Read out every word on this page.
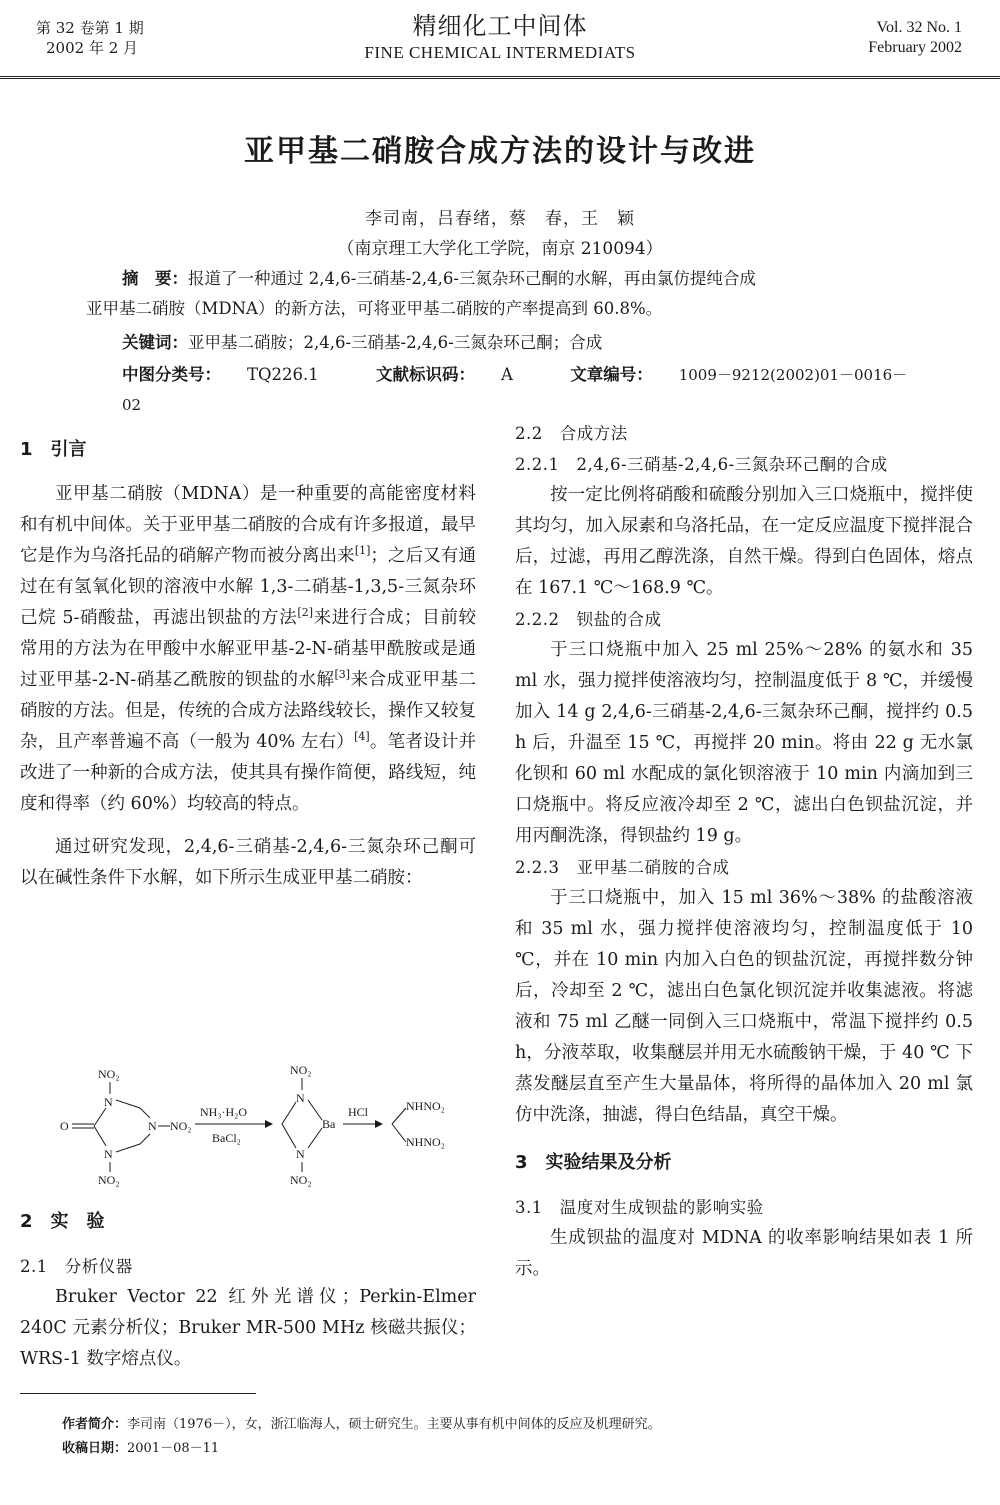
第 32 卷第 1 期
2002 年 2 月
精细化工中间体
FINE CHEMICAL INTERMEDIATS
Vol. 32 No. 1
February 2002
亚甲基二硝胺合成方法的设计与改进
李司南，吕春绪，蔡　春，王　颖
（南京理工大学化工学院，南京 210094）
摘　要：报道了一种通过 2,4,6-三硝基-2,4,6-三氮杂环己酮的水解，再由氯仿提纯合成
亚甲基二硝胺（MDNA）的新方法，可将亚甲基二硝胺的产率提高到 60.8%。
关键词：亚甲基二硝胺；2,4,6-三硝基-2,4,6-三氮杂环己酮；合成
中图分类号： TQ226.1	文献标识码： A	文章编号： 1009－9212(2002)01－0016－02
1　引言

亚甲基二硝胺（MDNA）是一种重要的高能密度材料和有机中间体。关于亚甲基二硝胺的合成有许多报道，最早它是作为乌洛托品的硝解产物而被分离出来[1]；之后又有通过在有氢氧化钡的溶液中水解 1,3-二硝基-1,3,5-三氮杂环己烷 5-硝酸盐，再滤出钡盐的方法[2]来进行合成；目前较常用的方法为在甲酸中水解亚甲基-2-N-硝基甲酰胺或是通过亚甲基-2-N-硝基乙酰胺的钡盐的水解[3]来合成亚甲基二硝胺的方法。但是，传统的合成方法路线较长，操作又较复杂，且产率普遍不高（一般为 40% 左右）[4]。笔者设计并改进了一种新的合成方法，使其具有操作简便，路线短，纯度和得率（约 60%）均较高的特点。

通过研究发现，2,4,6-三硝基-2,4,6-三氮杂环己酮可以在碱性条件下水解，如下所示生成亚甲基二硝胺：

NO₂
N
N NO₂
N
NO₂
O
NH₃·H₂O
BaCl₂
NO₂
N
Ba
N
NO₂
HCl	NHNO₂
NHNO₂
2　实　验
2.1　分析仪器

Bruker Vector 22 红外光谱仪；Perkin-Elmer 240C 元素分析仪；Bruker MR-500 MHz 核磁共振仪；WRS-1 数字熔点仪。

2.2　合成方法
2.2.1　2,4,6-三硝基-2,4,6-三氮杂环己酮的合成

按一定比例将硝酸和硫酸分别加入三口烧瓶中，搅拌使其均匀，加入尿素和乌洛托品，在一定反应温度下搅拌混合后，过滤，再用乙醇洗涤，自然干燥。得到白色固体，熔点在 167.1 ℃～168.9 ℃。

2.2.2　钡盐的合成

于三口烧瓶中加入 25 ml 25%～28% 的氨水和 35 ml 水，强力搅拌使溶液均匀，控制温度低于 8 ℃，并缓慢加入 14 g 2,4,6-三硝基-2,4,6-三氮杂环己酮，搅拌约 0.5 h 后，升温至 15 ℃，再搅拌 20 min。将由 22 g 无水氯化钡和 60 ml 水配成的氯化钡溶液于 10 min 内滴加到三口烧瓶中。将反应液冷却至 2 ℃，滤出白色钡盐沉淀，并用丙酮洗涤，得钡盐约 19 g。

2.2.3　亚甲基二硝胺的合成

于三口烧瓶中，加入 15 ml 36%～38% 的盐酸溶液和 35 ml 水，强力搅拌使溶液均匀，控制温度低于 10 ℃，并在 10 min 内加入白色的钡盐沉淀，再搅拌数分钟后，冷却至 2 ℃，滤出白色氯化钡沉淀并收集滤液。将滤液和 75 ml 乙醚一同倒入三口烧瓶中，常温下搅拌约 0.5 h，分液萃取，收集醚层并用无水硫酸钠干燥，于 40 ℃ 下蒸发醚层直至产生大量晶体，将所得的晶体加入 20 ml 氯仿中洗涤，抽滤，得白色结晶，真空干燥。

3　实验结果及分析
3.1　温度对生成钡盐的影响实验

生成钡盐的温度对 MDNA 的收率影响结果如表 1 所示。

作者简介：李司南（1976－），女，浙江临海人，硕士研究生。主要从事有机中间体的反应及机理研究。
收稿日期：2001－08－11
